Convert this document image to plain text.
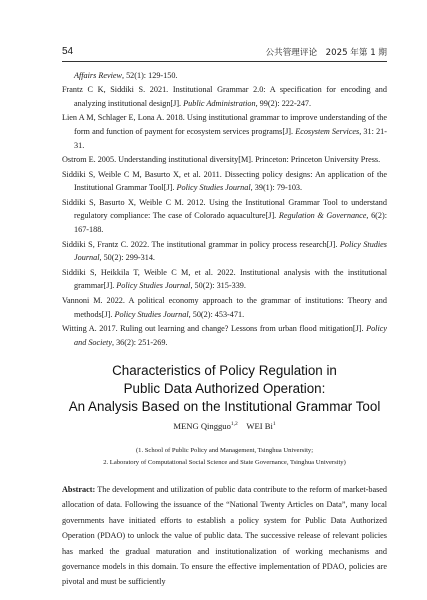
54	公共管理评论　2025 年第 1 期

Affairs Review, 52(1): 129-150.

Frantz C K, Siddiki S. 2021. Institutional Grammar 2.0: A specification for encoding and analyzing institutional design[J]. Public Administration, 99(2): 222-247.

Lien A M, Schlager E, Lona A. 2018. Using institutional grammar to improve understanding of the form and function of payment for ecosystem services programs[J]. Ecosystem Services, 31: 21-31.

Ostrom E. 2005. Understanding institutional diversity[M]. Princeton: Princeton University Press.

Siddiki S, Weible C M, Basurto X, et al. 2011. Dissecting policy designs: An application of the Institutional Grammar Tool[J]. Policy Studies Journal, 39(1): 79-103.

Siddiki S, Basurto X, Weible C M. 2012. Using the Institutional Grammar Tool to understand regulatory compliance: The case of Colorado aquaculture[J]. Regulation & Governance, 6(2): 167-188.

Siddiki S, Frantz C. 2022. The institutional grammar in policy process research[J]. Policy Studies Journal, 50(2): 299-314.

Siddiki S, Heikkila T, Weible C M, et al. 2022. Institutional analysis with the institutional grammar[J]. Policy Studies Journal, 50(2): 315-339.

Vannoni M. 2022. A political economy approach to the grammar of institutions: Theory and methods[J]. Policy Studies Journal, 50(2): 453-471.

Witting A. 2017. Ruling out learning and change? Lessons from urban flood mitigation[J]. Policy and Society, 36(2): 251-269.

Characteristics of Policy Regulation in
Public Data Authorized Operation:
An Analysis Based on the Institutional Grammar Tool
MENG Qingguo$^{1,2}$ WEI Bi$^1$
(1. School of Public Policy and Management, Tsinghua University;
2. Laboratory of Computational Social Science and State Governance, Tsinghua University)
Abstract: The development and utilization of public data contribute to the reform of market-based allocation of data. Following the issuance of the “National Twenty Articles on Data”, many local governments have initiated efforts to establish a policy system for Public Data Authorized Operation (PDAO) to unlock the value of public data. The successive release of relevant policies has marked the gradual maturation and institutionalization of working mechanisms and governance models in this domain. To ensure the effective implementation of PDAO, policies are pivotal and must be sufficiently
